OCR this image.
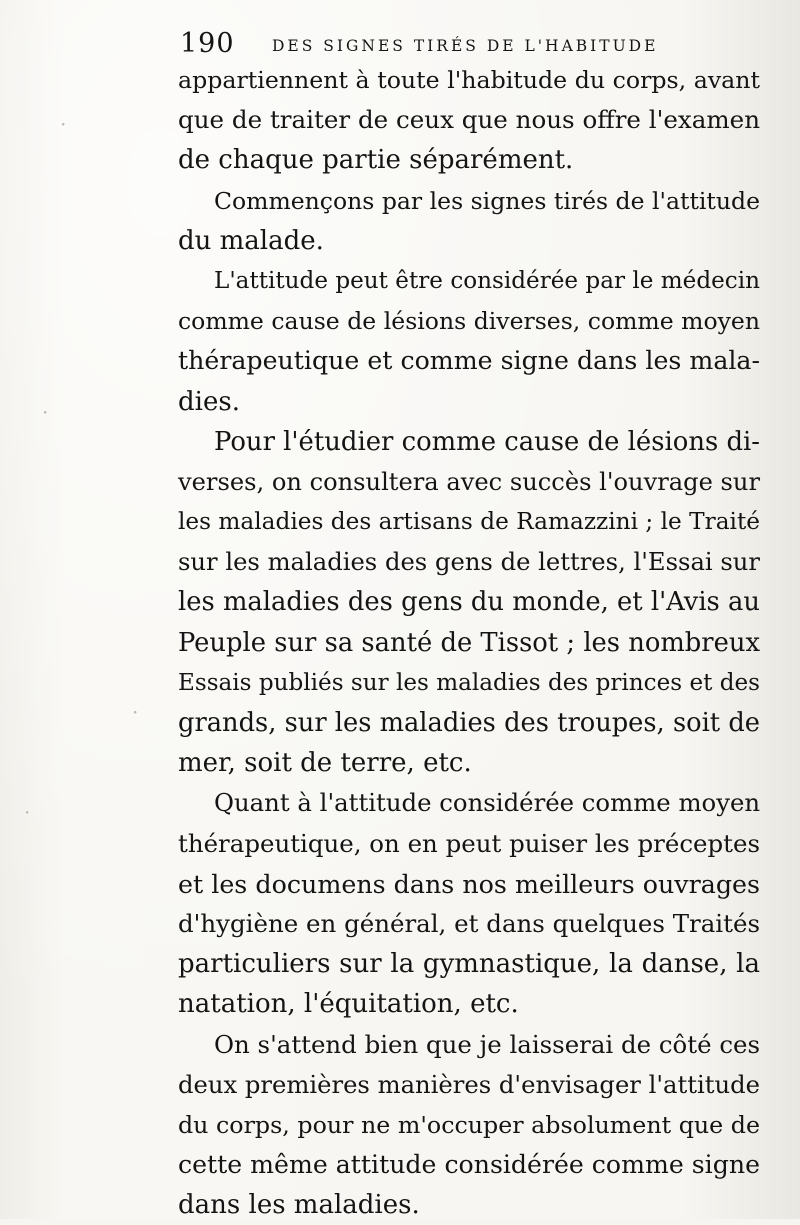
190 DES SIGNES TIRÉS DE L'HABITUDE
appartiennent à toute l'habitude du corps, avant
que de traiter de ceux que nous offre l'examen
de chaque partie séparément.
Commençons par les signes tirés de l'attitude
du malade.
L'attitude peut être considérée par le médecin
comme cause de lésions diverses, comme moyen
thérapeutique et comme signe dans les mala-
dies.
Pour l'étudier comme cause de lésions di-
verses, on consultera avec succès l'ouvrage sur
les maladies des artisans de Ramazzini ; le Traité
sur les maladies des gens de lettres, l'Essai sur
les maladies des gens du monde, et l'Avis au
Peuple sur sa santé de Tissot ; les nombreux
Essais publiés sur les maladies des princes et des
grands, sur les maladies des troupes, soit de
mer, soit de terre, etc.
Quant à l'attitude considérée comme moyen
thérapeutique, on en peut puiser les préceptes
et les documens dans nos meilleurs ouvrages
d'hygiène en général, et dans quelques Traités
particuliers sur la gymnastique, la danse, la
natation, l'équitation, etc.
On s'attend bien que je laisserai de côté ces
deux premières manières d'envisager l'attitude
du corps, pour ne m'occuper absolument que de
cette même attitude considérée comme signe
dans les maladies.
·
·
·
·
